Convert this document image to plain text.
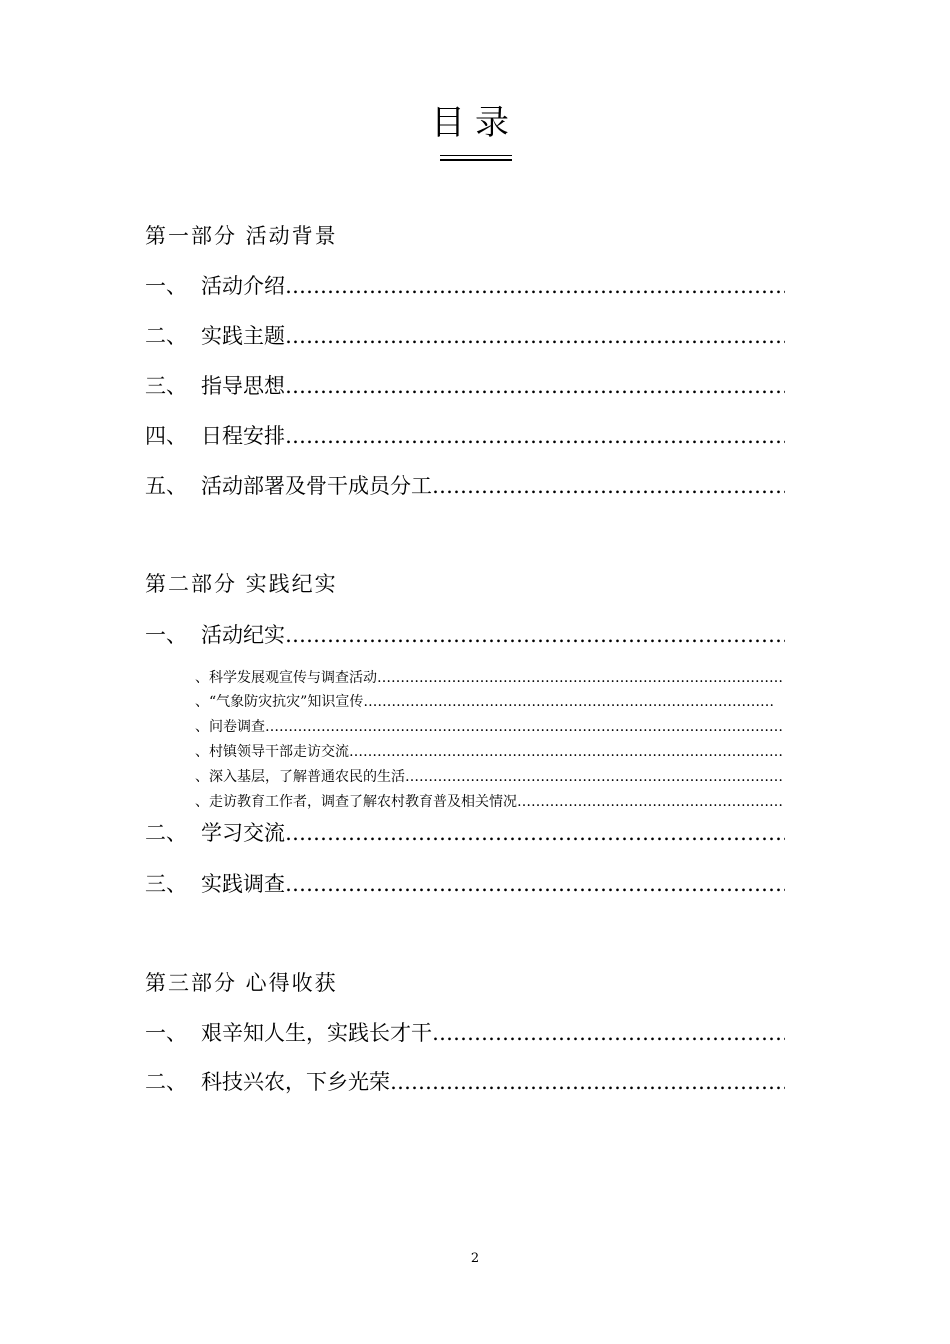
目录
第一部分 活动背景
一、 活动介绍
……………………………………………………………………………………………………………………………………………………………………………………………………
二、 实践主题
……………………………………………………………………………………………………………………………………………………………………………………………………
三、 指导思想
……………………………………………………………………………………………………………………………………………………………………………………………………
四、 日程安排
……………………………………………………………………………………………………………………………………………………………………………………………………
五、 活动部署及骨干成员分工
……………………………………………………………………………………………………………………………………………………………………………………………………
第二部分 实践纪实
一、 活动纪实
……………………………………………………………………………………………………………………………………………………………………………………………………
、科学发展观宣传与调查活动
……………………………………………………………………………………………………………………………………………………………………………………………………
、“气象防灾抗灾”知识宣传
……………………………………………………………………………………………………………………………………………………………………………………………………
、问卷调查
……………………………………………………………………………………………………………………………………………………………………………………………………
、村镇领导干部走访交流
……………………………………………………………………………………………………………………………………………………………………………………………………
、深入基层，了解普通农民的生活
……………………………………………………………………………………………………………………………………………………………………………………………………
、走访教育工作者，调查了解农村教育普及相关情况
……………………………………………………………………………………………………………………………………………………………………………………………………
二、 学习交流
……………………………………………………………………………………………………………………………………………………………………………………………………
三、 实践调查
……………………………………………………………………………………………………………………………………………………………………………………………………
第三部分 心得收获
一、 艰辛知人生，实践长才干
……………………………………………………………………………………………………………………………………………………………………………………………………
二、 科技兴农，下乡光荣
……………………………………………………………………………………………………………………………………………………………………………………………………
2
